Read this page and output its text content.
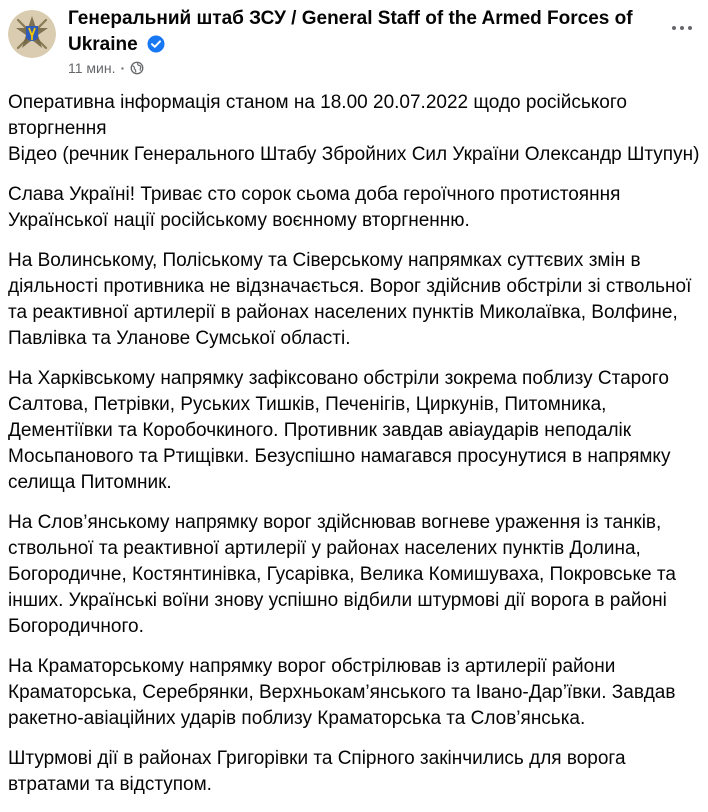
Генеральний штаб ЗСУ / General Staff of the Armed Forces of Ukraine
11 мин. ·

Оперативна інформація станом на 18.00 20.07.2022 щодо російського вторгнення
Відео (речник Генерального Штабу Збройних Сил України Олександр Штупун)

Слава Україні! Триває сто сорок сьома доба героїчного протистояння Української нації російському воєнному вторгненню.

На Волинському, Поліському та Сіверському напрямках суттєвих змін в діяльності противника не відзначається. Ворог здійснив обстріли зі ствольної та реактивної артилерії в районах населених пунктів Миколаївка, Волфине, Павлівка та Уланове Сумської області.

На Харківському напрямку зафіксовано обстріли зокрема поблизу Старого Салтова, Петрівки, Руських Тишків, Печенігів, Циркунів, Питомника, Дементіївки та Коробочкиного. Противник завдав авіаударів неподалік Мосьпанового та Ртищівки. Безуспішно намагався просунутися в напрямку селища Питомник.

На Слов’янському напрямку ворог здійснював вогневе ураження із танків, ствольної та реактивної артилерії у районах населених пунктів Долина, Богородичне, Костянтинівка, Гусарівка, Велика Комишуваха, Покровське та інших. Українські воїни знову успішно відбили штурмові дії ворога в районі Богородичного.

На Краматорському напрямку ворог обстрілював із артилерії райони Краматорська, Серебрянки, Верхньокам’янського та Івано-Дар’ївки. Завдав ракетно-авіаційних ударів поблизу Краматорська та Слов’янська.

Штурмові дії в районах Григорівки та Спірного закінчились для ворога втратами та відступом.
